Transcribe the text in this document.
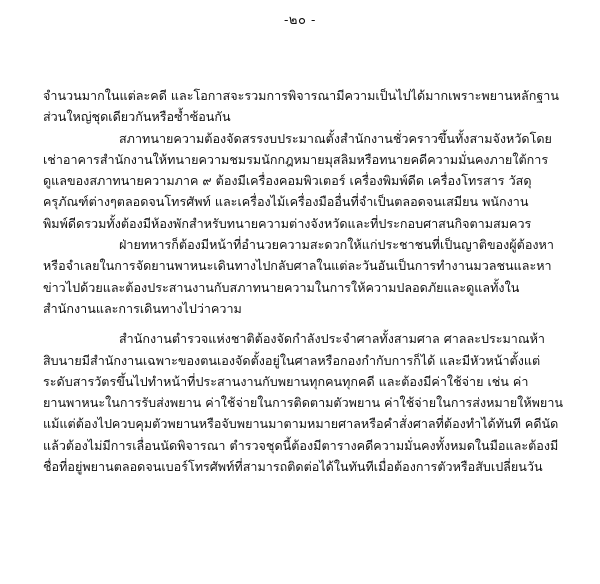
-๒๐ -
จำนวนมากในแต่ละคดี และโอกาสจะรวมการพิจารณามีความเป็นไปได้มากเพราะพยานหลักฐาน
ส่วนใหญ่ชุดเดียวกันหรือซ้ำซ้อนกัน
สภาทนายความต้องจัดสรรงบประมาณตั้งสำนักงานชั่วคราวขึ้นทั้งสามจังหวัดโดย
เช่าอาคารสำนักงานให้ทนายความชมรมนักกฎหมายมุสลิมหรือทนายคดีความมั่นคงภายใต้การ
ดูแลของสภาทนายความภาค ๙ ต้องมีเครื่องคอมพิวเตอร์ เครื่องพิมพ์ดีด เครื่องโทรสาร วัสดุ
ครุภัณฑ์ต่างๆตลอดจนโทรศัพท์ และเครื่องไม้เครื่องมืออื่นที่จำเป็นตลอดจนเสมียน พนักงาน
พิมพ์ดีดรวมทั้งต้องมีห้องพักสำหรับทนายความต่างจังหวัดและที่ประกอบศาสนกิจตามสมควร
ฝ่ายทหารก็ต้องมีหน้าที่อำนวยความสะดวกให้แก่ประชาชนที่เป็นญาติของผู้ต้องหา
หรือจำเลยในการจัดยานพาหนะเดินทางไปกลับศาลในแต่ละวันอันเป็นการทำงานมวลชนและหา
ข่าวไปด้วยและต้องประสานงานกับสภาทนายความในการให้ความปลอดภัยและดูแลทั้งใน
สำนักงานและการเดินทางไปว่าความ
สำนักงานตำรวจแห่งชาติต้องจัดกำลังประจำศาลทั้งสามศาล ศาลละประมาณห้า
สิบนายมีสำนักงานเฉพาะของตนเองจัดตั้งอยู่ในศาลหรือกองกำกับการก็ได้ และมีหัวหน้าตั้งแต่
ระดับสารวัตรขึ้นไปทำหน้าที่ประสานงานกับพยานทุกคนทุกคดี และต้องมีค่าใช้จ่าย เช่น ค่า
ยานพาหนะในการรับส่งพยาน ค่าใช้จ่ายในการติดตามตัวพยาน ค่าใช้จ่ายในการส่งหมายให้พยาน
แม้แต่ต้องไปควบคุมตัวพยานหรือจับพยานมาตามหมายศาลหรือคำสั่งศาลที่ต้องทำได้ทันที คดีนัด
แล้วต้องไม่มีการเลื่อนนัดพิจารณา ตำรวจชุดนี้ต้องมีตารางคดีความมั่นคงทั้งหมดในมือและต้องมี
ชื่อที่อยู่พยานตลอดจนเบอร์โทรศัพท์ที่สามารถติดต่อได้ในทันทีเมื่อต้องการตัวหรือสับเปลี่ยนวัน
